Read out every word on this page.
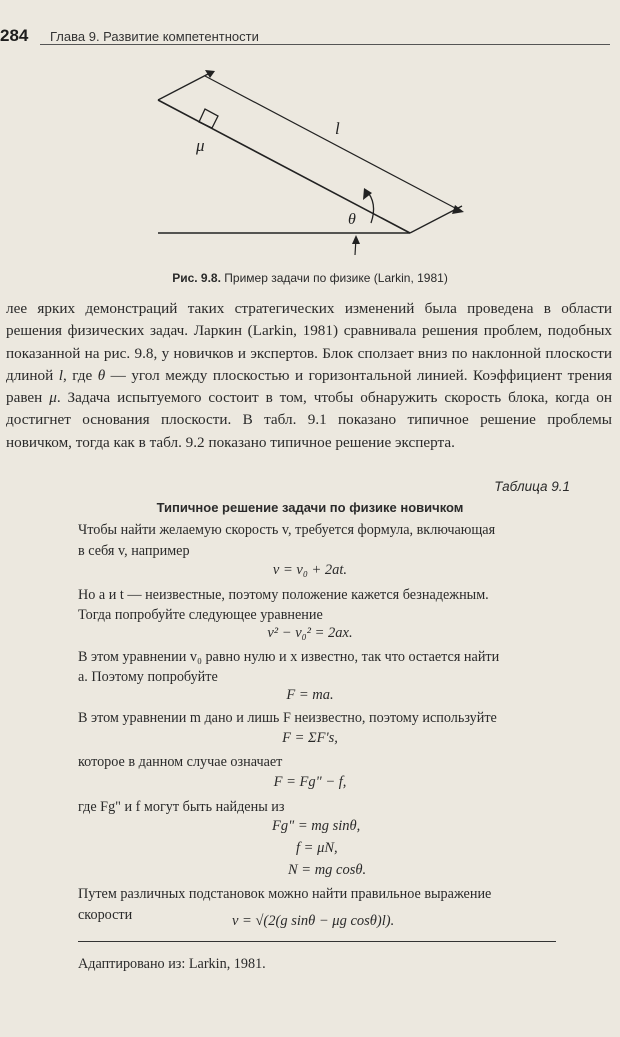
284 Глава 9. Развитие компетентности
μ
l
θ
Рис. 9.8. Пример задачи по физике (Larkin, 1981)
лее ярких демонстраций таких стратегических изменений была проведена в области решения физических задач. Ларкин (Larkin, 1981) сравнивала решения проблем, подобных показанной на рис. 9.8, у новичков и экспертов. Блок сползает вниз по наклонной плоскости длиной l, где θ — угол между плоскостью и горизонтальной линией. Коэффициент трения равен μ. Задача испытуемого состоит в том, чтобы обнаружить скорость блока, когда он достигнет основания плоскости. В табл. 9.1 показано типичное решение проблемы новичком, тогда как в табл. 9.2 показано типичное решение эксперта.
Таблица 9.1
Типичное решение задачи по физике новичком
Чтобы найти желаемую скорость v, требуется формула, включающая
в себя v, например
v = v₀ + 2at.
Но a и t — неизвестные, поэтому положение кажется безнадежным.
Тогда попробуйте следующее уравнение
v² − v₀² = 2ax.
В этом уравнении v₀ равно нулю и x известно, так что остается найти
a. Поэтому попробуйте
F = ma.
В этом уравнении m дано и лишь F неизвестно, поэтому используйте
F = ΣF's,
которое в данном случае означает
F = Fg" − f,
где Fg" и f могут быть найдены из
Fg" = mg sinθ,
f = μN,
N = mg cosθ.
Путем различных подстановок можно найти правильное выражение
скорости	v = √(2(g sinθ − μg cosθ)l).
Адаптировано из: Larkin, 1981.
